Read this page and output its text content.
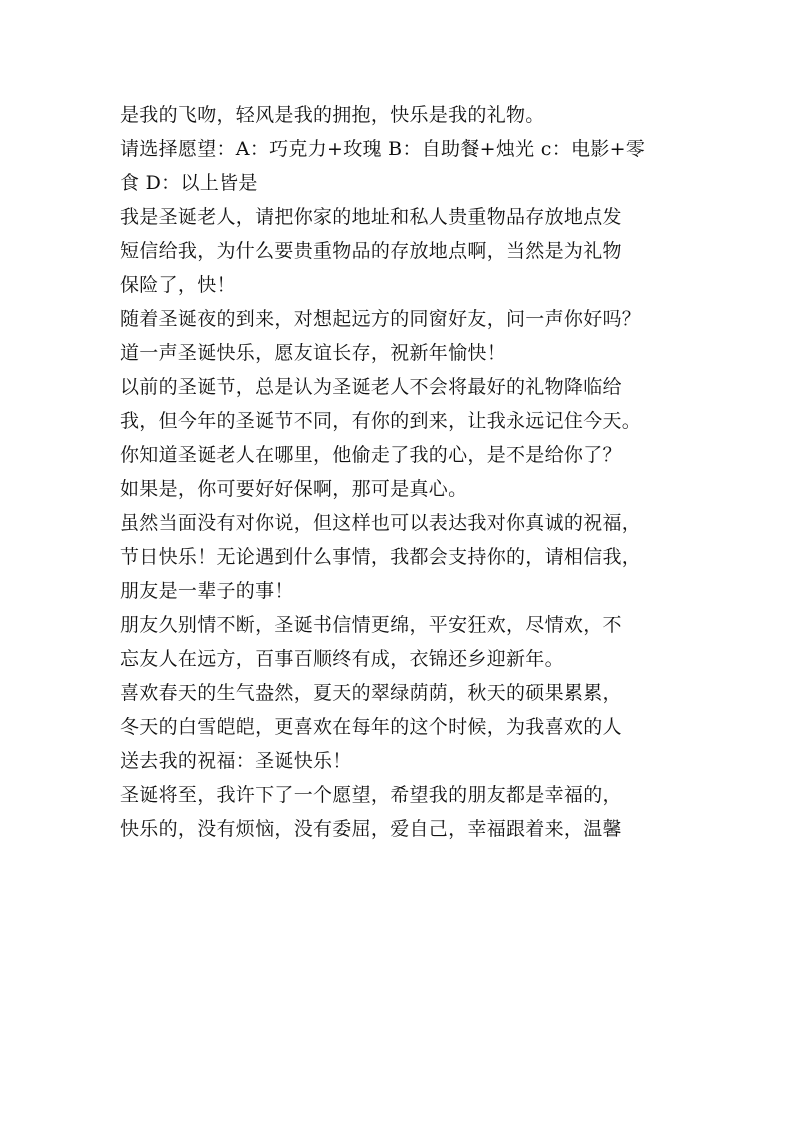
是我的飞吻，轻风是我的拥抱，快乐是我的礼物。
请选择愿望：A：巧克力+玫瑰 B：自助餐+烛光 c：电影+零
食 D：以上皆是
我是圣诞老人，请把你家的地址和私人贵重物品存放地点发
短信给我，为什么要贵重物品的存放地点啊，当然是为礼物
保险了，快！
随着圣诞夜的到来，对想起远方的同窗好友，问一声你好吗？
道一声圣诞快乐，愿友谊长存，祝新年愉快！
以前的圣诞节，总是认为圣诞老人不会将最好的礼物降临给
我，但今年的圣诞节不同，有你的到来，让我永远记住今天。
你知道圣诞老人在哪里，他偷走了我的心，是不是给你了？
如果是，你可要好好保啊，那可是真心。
虽然当面没有对你说，但这样也可以表达我对你真诚的祝福，
节日快乐！无论遇到什么事情，我都会支持你的，请相信我，
朋友是一辈子的事！
朋友久别情不断，圣诞书信情更绵，平安狂欢，尽情欢，不
忘友人在远方，百事百顺终有成，衣锦还乡迎新年。
喜欢春天的生气盎然，夏天的翠绿荫荫，秋天的硕果累累，
冬天的白雪皑皑，更喜欢在每年的这个时候，为我喜欢的人
送去我的祝福：圣诞快乐！
圣诞将至，我许下了一个愿望，希望我的朋友都是幸福的，
快乐的，没有烦恼，没有委屈，爱自己，幸福跟着来，温馨
